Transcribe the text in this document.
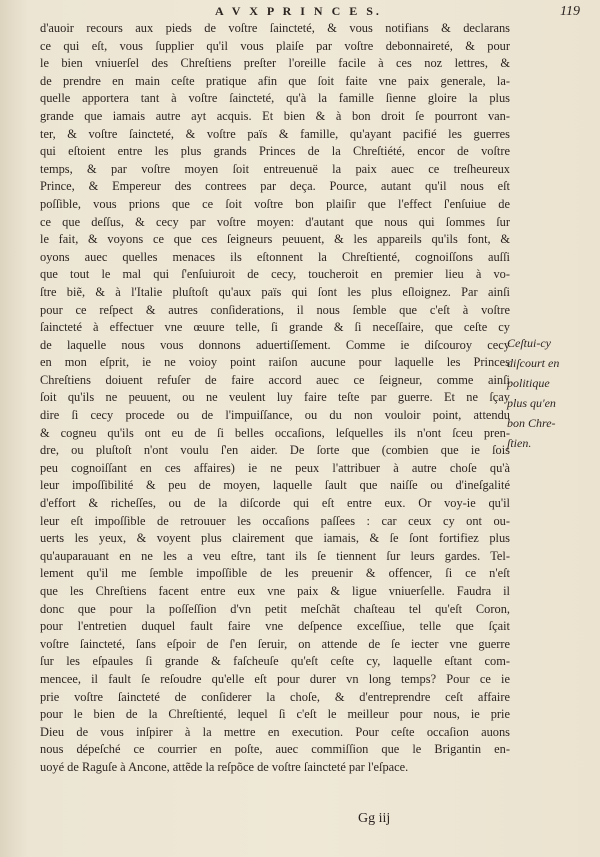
A V X P R I N C E S.	119
d'auoir recours aux pieds de voſtre ſaincteté, & vous notifians & declarans
ce qui eſt, vous ſupplier qu'il vous plaiſe par voſtre debonnaireté, & pour
le bien vniuerſel des Chreſtiens preſter l'oreille facile à ces noz lettres, &
de prendre en main ceſte pratique afin que ſoit faite vne paix generale, la-
quelle apportera tant à voſtre ſaincteté, qu'à la famille ſienne gloire la plus
grande que iamais autre ayt acquis. Et bien & à bon droit ſe pourront van-
ter, & voſtre ſaincteté, & voſtre païs & famille, qu'ayant pacifié les guerres
qui eſtoient entre les plus grands Princes de la Chreſtiété, encor de voſtre
temps, & par voſtre moyen ſoit entreuenuë la paix auec ce treſheureux
Prince, & Empereur des contrees par deça. Pource, autant qu'il nous eſt
poſſible, vous prions que ce ſoit voſtre bon plaiſir que l'effect ſ'enſuiue de
ce que deſſus, & cecy par voſtre moyen: d'autant que nous qui ſommes ſur
le fait, & voyons ce que ces ſeigneurs peuuent, & les appareils qu'ils font, &
oyons auec quelles menaces ils eſtonnent la Chreſtienté, cognoiſſons auſſi
que tout le mal qui ſ'enſuiuroit de cecy, toucheroit en premier lieu à vo-
ſtre biẽ, & à l'Italie pluſtoſt qu'aux païs qui ſont les plus eſloignez. Par ainſi
pour ce reſpect & autres conſiderations, il nous ſemble que c'eſt à voſtre
ſaincteté à effectuer vne œuure telle, ſi grande & ſi neceſſaire, que ceſte cy
de laquelle nous vous donnons aduertiſſement. Comme ie diſcouroy cecy
en mon eſprit, ie ne voioy point raiſon aucune pour laquelle les Princes
Chreſtiens doiuent refuſer de faire accord auec ce ſeigneur, comme ainſi
ſoit qu'ils ne peuuent, ou ne veulent luy faire teſte par guerre. Et ne ſçay
dire ſi cecy procede ou de l'impuiſſance, ou du non vouloir point, attendu
& cogneu qu'ils ont eu de ſi belles occaſions, leſquelles ils n'ont ſceu pren-
dre, ou pluſtoſt n'ont voulu ſ'en aider. De ſorte que (combien que ie ſois
peu cognoiſſant en ces affaires) ie ne peux l'attribuer à autre choſe qu'à
leur impoſſibilité & peu de moyen, laquelle ſault que naiſſe ou d'ineſgalité
d'effort & richeſſes, ou de la diſcorde qui eſt entre eux. Or voy-ie qu'il
leur eſt impoſſible de retrouuer les occaſions paſſees : car ceux cy ont ou-
uerts les yeux, & voyent plus clairement que iamais, & ſe ſont fortifiez plus
qu'auparauant en ne les a veu eſtre, tant ils ſe tiennent ſur leurs gardes. Tel-
lement qu'il me ſemble impoſſible de les preuenir & offencer, ſi ce n'eſt
que les Chreſtiens facent entre eux vne paix & ligue vniuerſelle. Faudra il
donc que pour la poſſeſſion d'vn petit meſchãt chaſteau tel qu'eſt Coron,
pour l'entretien duquel fault faire vne deſpence exceſſiue, telle que ſçait
voſtre ſaincteté, ſans eſpoir de ſ'en ſeruir, on attende de ſe iecter vne guerre
ſur les eſpaules ſi grande & faſcheuſe qu'eſt ceſte cy, laquelle eſtant com-
mencee, il fault ſe reſoudre qu'elle eſt pour durer vn long temps? Pour ce ie
prie voſtre ſaincteté de conſiderer la choſe, & d'entreprendre ceſt affaire
pour le bien de la Chreſtienté, lequel ſi c'eſt le meilleur pour nous, ie prie
Dieu de vous inſpirer à la mettre en execution. Pour ceſte occaſion auons
nous dépeſché ce courrier en poſte, auec commiſſion que le Brigantin en-
uoyé de Raguſe à Ancone, attẽde la reſpõce de voſtre ſaincteté par l'eſpace.
Ceſtui-cy
diſcourt en
politique
plus qu'en
bon Chre-
ſtien.
Gg iij
